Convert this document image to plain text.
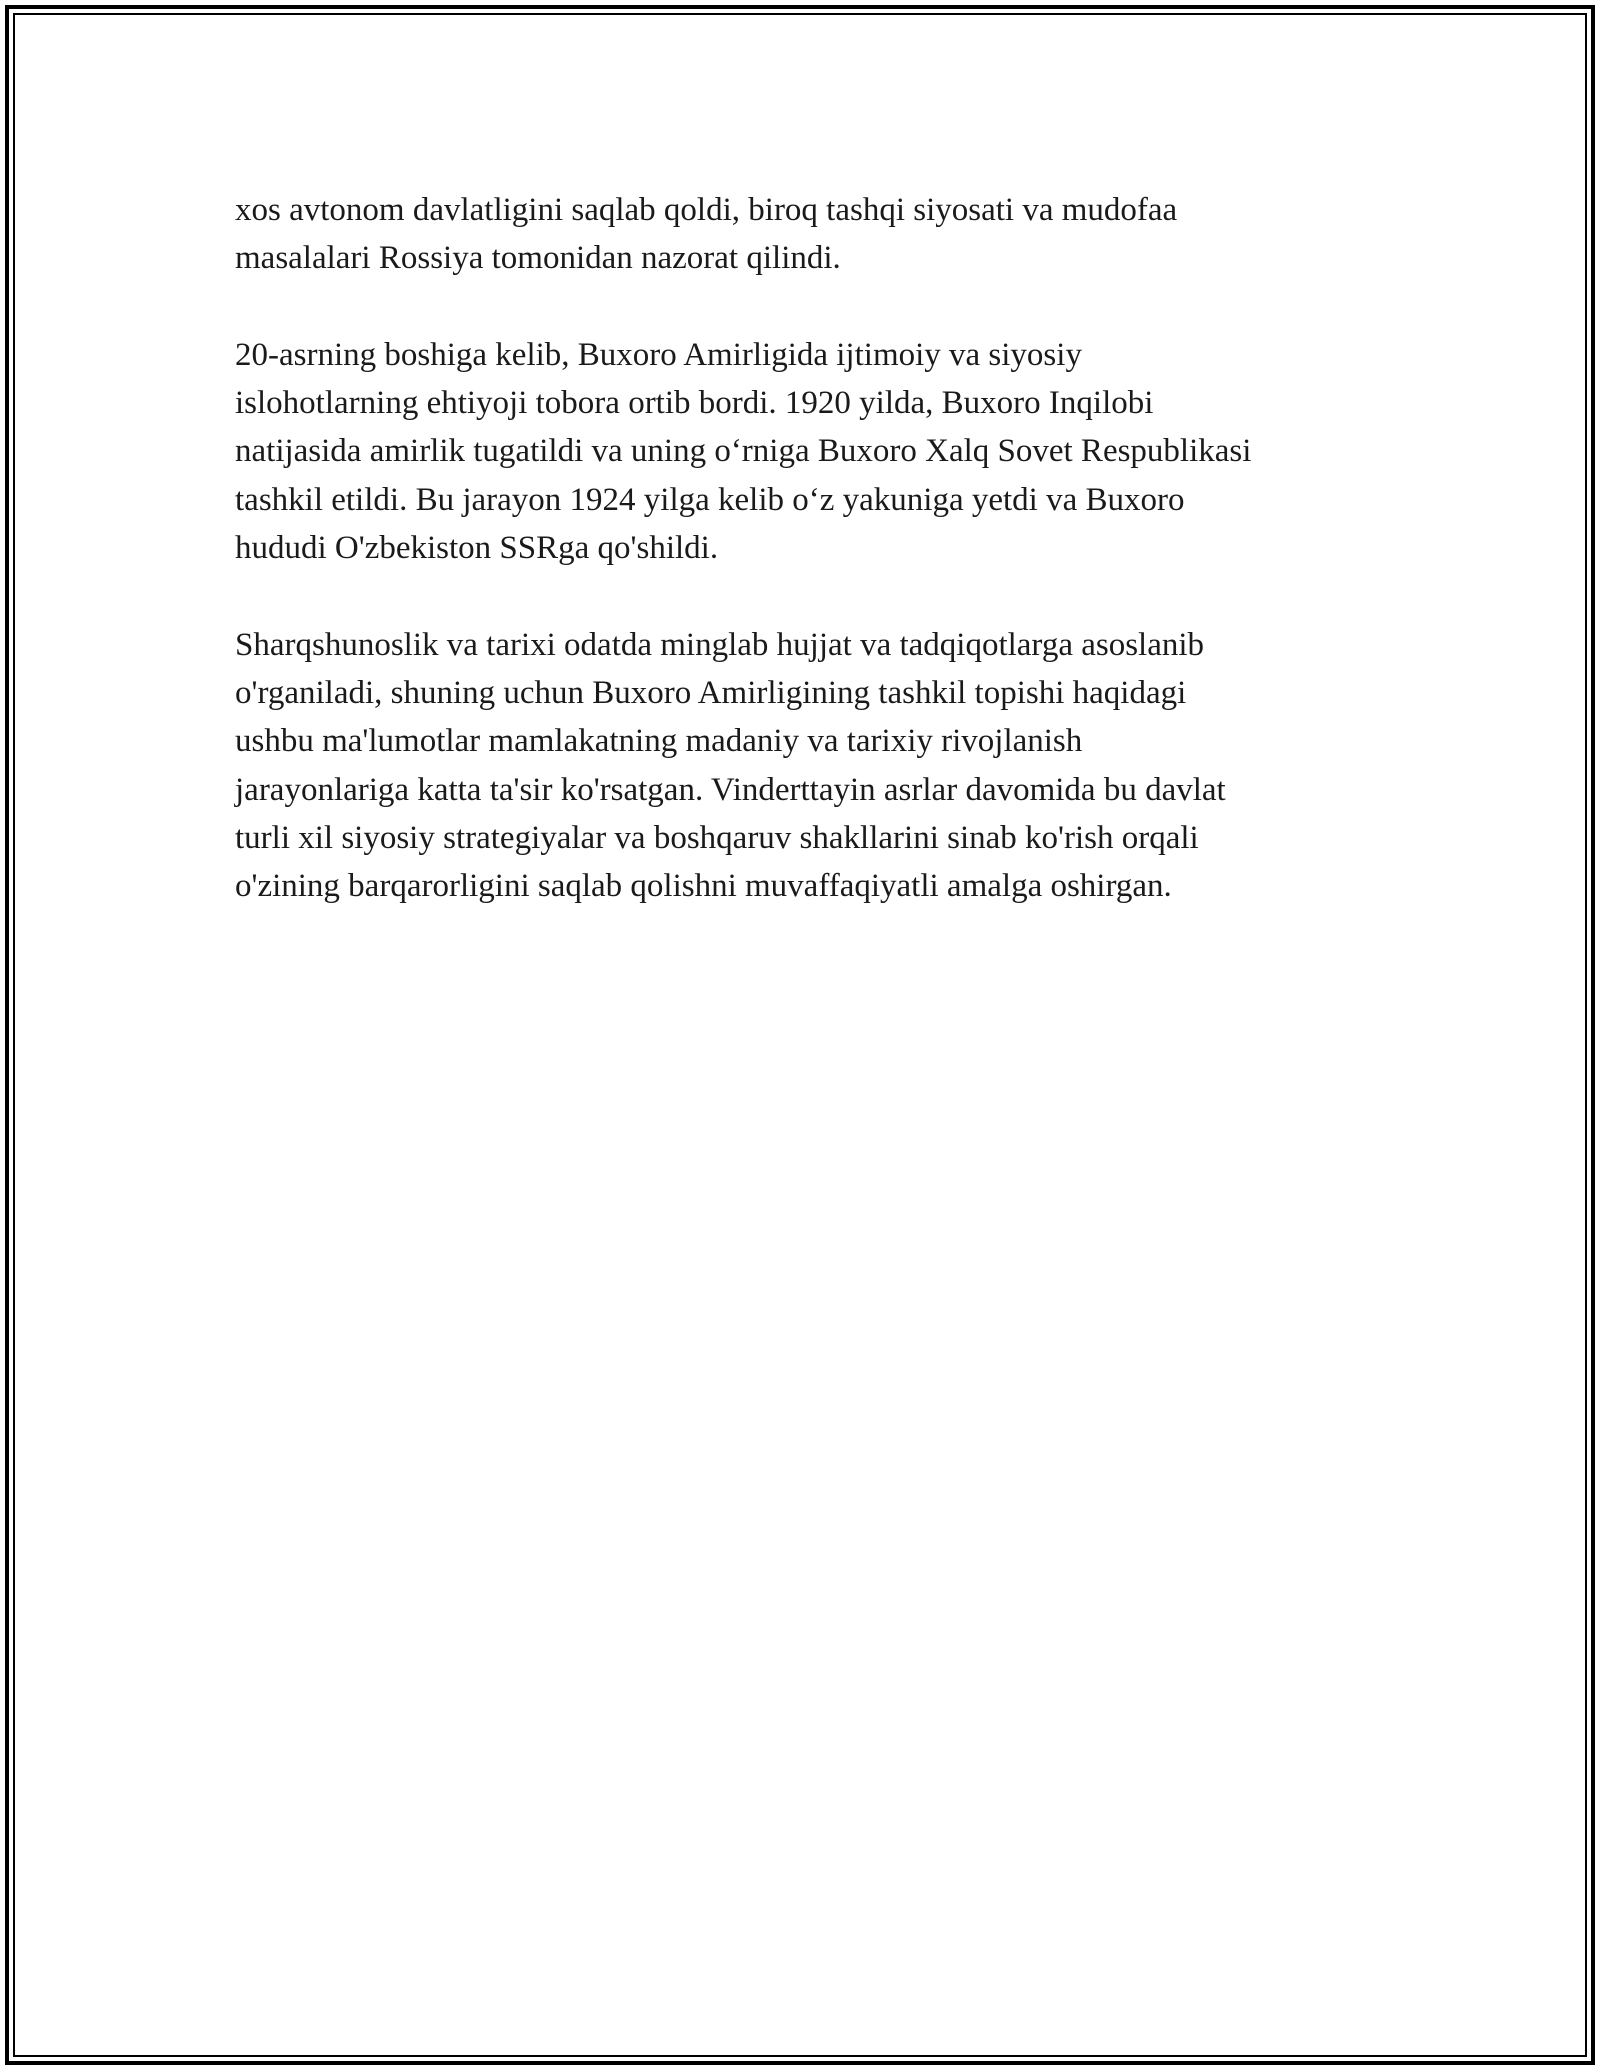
xos avtonom davlatligini saqlab qoldi, biroq tashqi siyosati va mudofaa
masalalari Rossiya tomonidan nazorat qilindi.

20-asrning boshiga kelib, Buxoro Amirligida ijtimoiy va siyosiy
islohotlarning ehtiyoji tobora ortib bordi. 1920 yilda, Buxoro Inqilobi
natijasida amirlik tugatildi va uning o‘rniga Buxoro Xalq Sovet Respublikasi
tashkil etildi. Bu jarayon 1924 yilga kelib o‘z yakuniga yetdi va Buxoro
hududi O'zbekiston SSRga qo'shildi.

Sharqshunoslik va tarixi odatda minglab hujjat va tadqiqotlarga asoslanib
o'rganiladi, shuning uchun Buxoro Amirligining tashkil topishi haqidagi
ushbu ma'lumotlar mamlakatning madaniy va tarixiy rivojlanish
jarayonlariga katta ta'sir ko'rsatgan. Vinderttayin asrlar davomida bu davlat
turli xil siyosiy strategiyalar va boshqaruv shakllarini sinab ko'rish orqali
o'zining barqarorligini saqlab qolishni muvaffaqiyatli amalga oshirgan.
